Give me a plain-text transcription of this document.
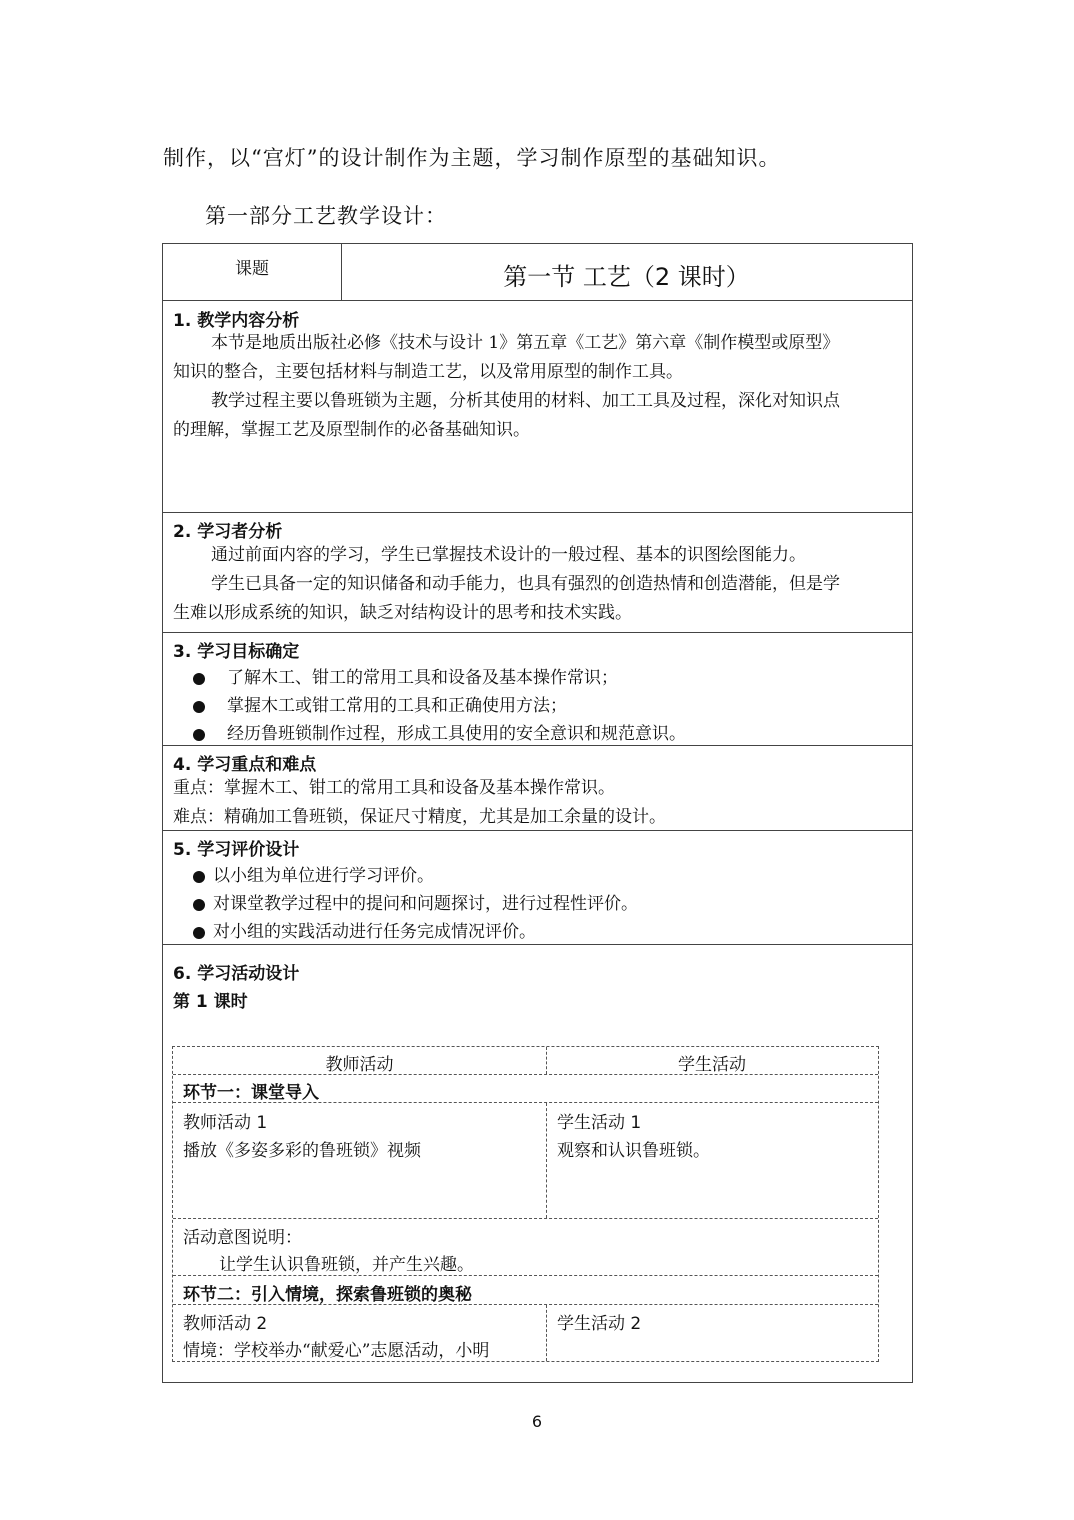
制作，以“宫灯”的设计制作为主题，学习制作原型的基础知识。
第一部分工艺教学设计：
课题	第一节 工艺（2 课时）
1. 教学内容分析
本节是地质出版社必修《技术与设计 1》第五章《工艺》第六章《制作模型或原型》
知识的整合，主要包括材料与制造工艺，以及常用原型的制作工具。
教学过程主要以鲁班锁为主题，分析其使用的材料、加工工具及过程，深化对知识点
的理解，掌握工艺及原型制作的必备基础知识。
2. 学习者分析
通过前面内容的学习，学生已掌握技术设计的一般过程、基本的识图绘图能力。
学生已具备一定的知识储备和动手能力，也具有强烈的创造热情和创造潜能，但是学
生难以形成系统的知识，缺乏对结构设计的思考和技术实践。
3. 学习目标确定
了解木工、钳工的常用工具和设备及基本操作常识；
掌握木工或钳工常用的工具和正确使用方法；
经历鲁班锁制作过程，形成工具使用的安全意识和规范意识。
4. 学习重点和难点
重点：掌握木工、钳工的常用工具和设备及基本操作常识。
难点：精确加工鲁班锁，保证尺寸精度，尤其是加工余量的设计。
5. 学习评价设计
以小组为单位进行学习评价。
对课堂教学过程中的提问和问题探讨，进行过程性评价。
对小组的实践活动进行任务完成情况评价。
6. 学习活动设计
第 1 课时
教师活动	学生活动
环节一：课堂导入
教师活动 1
播放《多姿多彩的鲁班锁》视频
学生活动 1
观察和认识鲁班锁。
活动意图说明：
让学生认识鲁班锁，并产生兴趣。
环节二：引入情境，探索鲁班锁的奥秘
教师活动 2
情境：学校举办“献爱心”志愿活动，小明
学生活动 2
6
